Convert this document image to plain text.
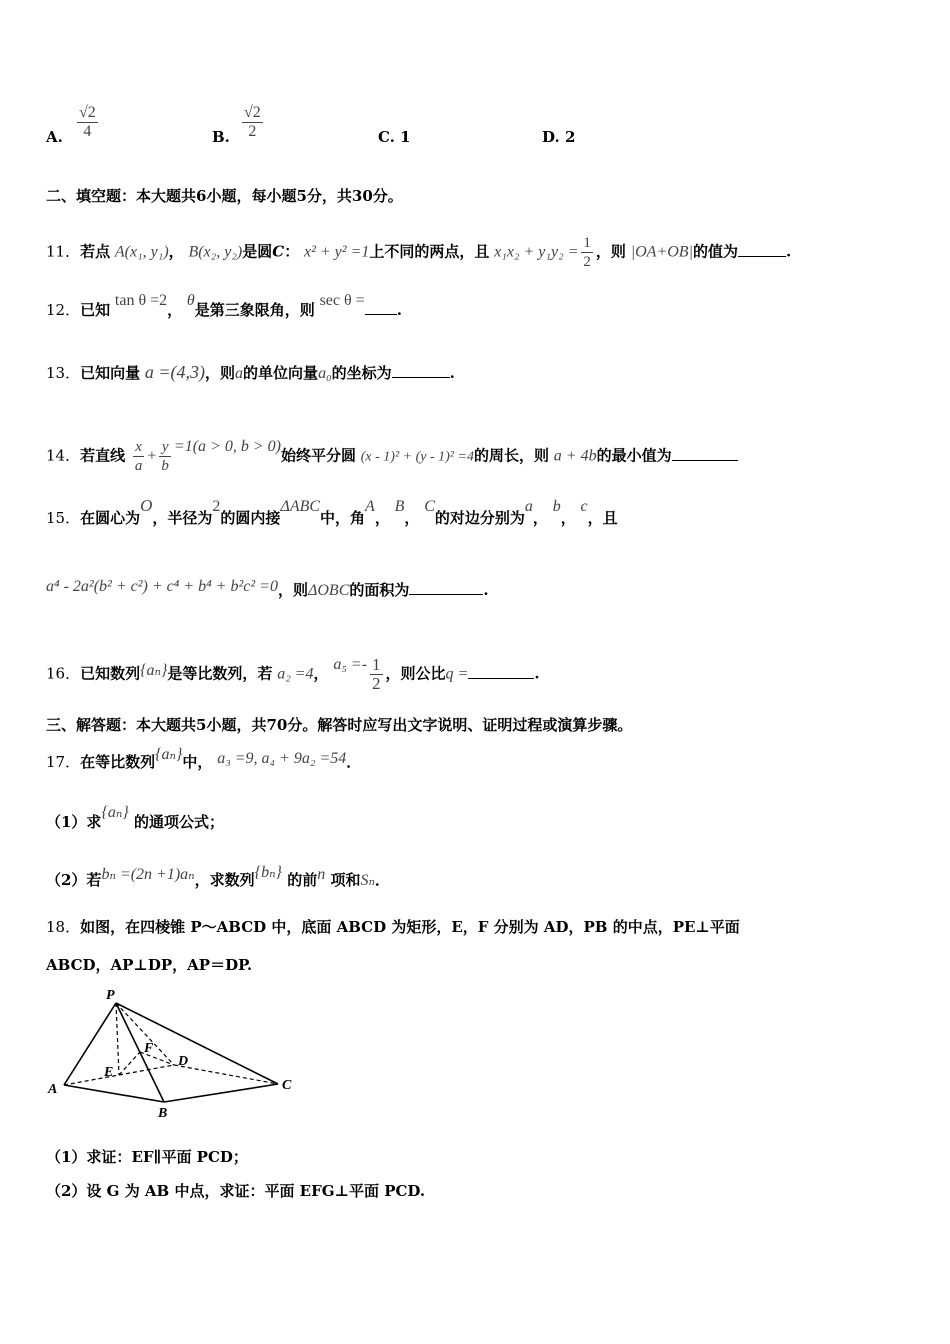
A. $\frac{√2}{4}$	B. $\frac{√2}{2}$	C. 1	D. 2
二、填空题：本大题共6小题，每小题5分，共30分。
11．若点 A(x₁, y₁)， B(x₂, y₂)是圆C： x² + y² =1上不同的两点，且 $x_1x_2 + y_1y_2 = \frac{1}{2}$ ，则 |OA+OB|的值为	.
12．已知 tan θ =2， θ是第三象限角，则 sec θ =.
13．已知向量 a =(4,3)，则a的单位向量a₀的坐标为	.
14．若直线 $\frac{x}{a} + \frac{y}{b} =1(a > 0$, b > 0)始终平分圆 (x - 1)² + (y - 1)² =4的周长，则 a + 4b的最小值为
15．在圆心为O，半径为2的圆内接ΔABC中，角A， B， C的对边分别为a， b， c，且
a⁴ - 2a²(b² + c²) + c⁴ + b⁴ + b²c² =0，则ΔOBC的面积为	.
16．已知数列{aₙ}是等比数列，若 a₂ =4， $a_5 =- \frac{1}{2}$ ，则公比q =	.
三、解答题：本大题共5小题，共70分。解答时应写出文字说明、证明过程或演算步骤。
17．在等比数列{aₙ}中， a₃ =9, a₄ + 9a₂ =54．
（1）求{aₙ} 的通项公式；
（2）若bₙ =(2n +1)aₙ，求数列{bₙ} 的前n 项和Sₙ．
18．如图，在四棱锥 P～ABCD 中，底面 ABCD 为矩形，E，F 分别为 AD，PB 的中点，PE⊥平面
ABCD，AP⊥DP，AP＝DP.
P
A
B
C
D
E
F
（1）求证：EF∥平面 PCD；
（2）设 G 为 AB 中点，求证：平面 EFG⊥平面 PCD.
